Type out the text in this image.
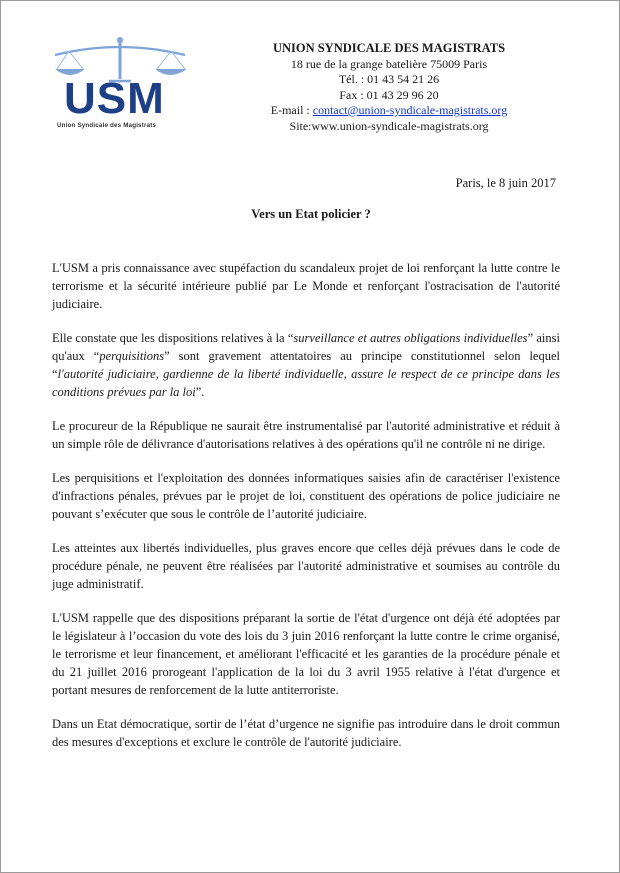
USM
Union Syndicale des Magistrats
UNION SYNDICALE DES MAGISTRATS
18 rue de la grange batelière 75009 Paris
Tél. : 01 43 54 21 26
Fax : 01 43 29 96 20
E-mail : contact@union-syndicale-magistrats.org
Site:www.union-syndicale-magistrats.org
Paris, le 8 juin 2017
Vers un Etat policier ?

L'USM a pris connaissance avec stupéfaction du scandaleux projet de loi renforçant la lutte contre le terrorisme et la sécurité intérieure publié par Le Monde et renforçant l'ostracisation de l'autorité judiciaire.

Elle constate que les dispositions relatives à la “surveillance et autres obligations individuelles” ainsi qu'aux “perquisitions” sont gravement attentatoires au principe constitutionnel selon lequel “l'autorité judiciaire, gardienne de la liberté individuelle, assure le respect de ce principe dans les conditions prévues par la loi”.

Le procureur de la République ne saurait être instrumentalisé par l'autorité administrative et réduit à un simple rôle de délivrance d'autorisations relatives à des opérations qu'il ne contrôle ni ne dirige.

Les perquisitions et l'exploitation des données informatiques saisies afin de caractériser l'existence d'infractions pénales, prévues par le projet de loi, constituent des opérations de police judiciaire ne pouvant s’exécuter que sous le contrôle de l’autorité judiciaire.

Les atteintes aux libertés individuelles, plus graves encore que celles déjà prévues dans le code de procédure pénale, ne peuvent être réalisées par l'autorité administrative et soumises au contrôle du juge administratif.

L'USM rappelle que des dispositions préparant la sortie de l'état d'urgence ont déjà été adoptées par le législateur à l’occasion du vote des lois du 3 juin 2016 renforçant la lutte contre le crime organisé, le terrorisme et leur financement, et améliorant l'efficacité et les garanties de la procédure pénale et du 21 juillet 2016 prorogeant l'application de la loi du 3 avril 1955 relative à l'état d'urgence et portant mesures de renforcement de la lutte antiterroriste.

Dans un Etat démocratique, sortir de l’état d’urgence ne signifie pas introduire dans le droit commun des mesures d'exceptions et exclure le contrôle de l'autorité judiciaire.
